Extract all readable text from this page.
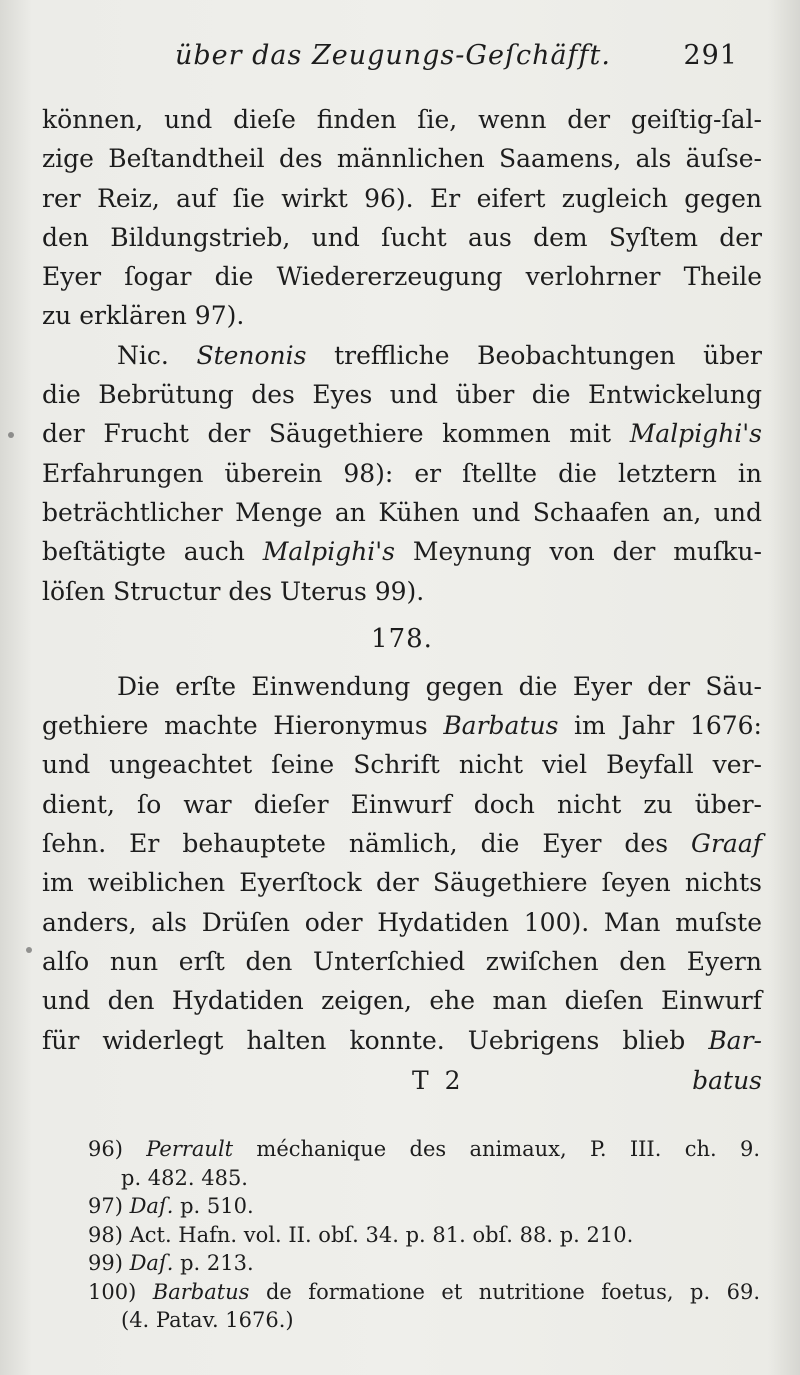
über das Zeugungs-Geſchäfft.	291
können, und dieſe finden ſie, wenn der geiſtig-ſal-
zige Beſtandtheil des männlichen Saamens, als äuſse-
rer Reiz, auf ſie wirkt 96). Er eifert zugleich gegen
den Bildungstrieb, und ſucht aus dem Syſtem der
Eyer ſogar die Wiedererzeugung verlohrner Theile
zu erklären 97).
Nic. Stenonis treffliche Beobachtungen über
die Bebrütung des Eyes und über die Entwickelung
der Frucht der Säugethiere kommen mit Malpighi's
Erfahrungen überein 98): er ſtellte die letztern in
beträchtlicher Menge an Kühen und Schaafen an, und
beſtätigte auch Malpighi's Meynung von der muſku-
löſen Structur des Uterus 99).
178.
Die erſte Einwendung gegen die Eyer der Säu-
gethiere machte Hieronymus Barbatus im Jahr 1676:
und ungeachtet ſeine Schrift nicht viel Beyfall ver-
dient, ſo war dieſer Einwurf doch nicht zu über-
ſehn. Er behauptete nämlich, die Eyer des Graaf
im weiblichen Eyerſtock der Säugethiere ſeyen nichts
anders, als Drüſen oder Hydatiden 100). Man muſste
alſo nun erſt den Unterſchied zwiſchen den Eyern
und den Hydatiden zeigen, ehe man dieſen Einwurf
für widerlegt halten konnte. Uebrigens blieb Bar-
T 2	batus
96) Perrault méchanique des animaux, P. III. ch. 9.
p. 482. 485.
97) Daſ. p. 510.
98) Act. Hafn. vol. II. obſ. 34. p. 81. obſ. 88. p. 210.
99) Daſ. p. 213.
100) Barbatus de formatione et nutritione foetus, p. 69.
(4. Patav. 1676.)
